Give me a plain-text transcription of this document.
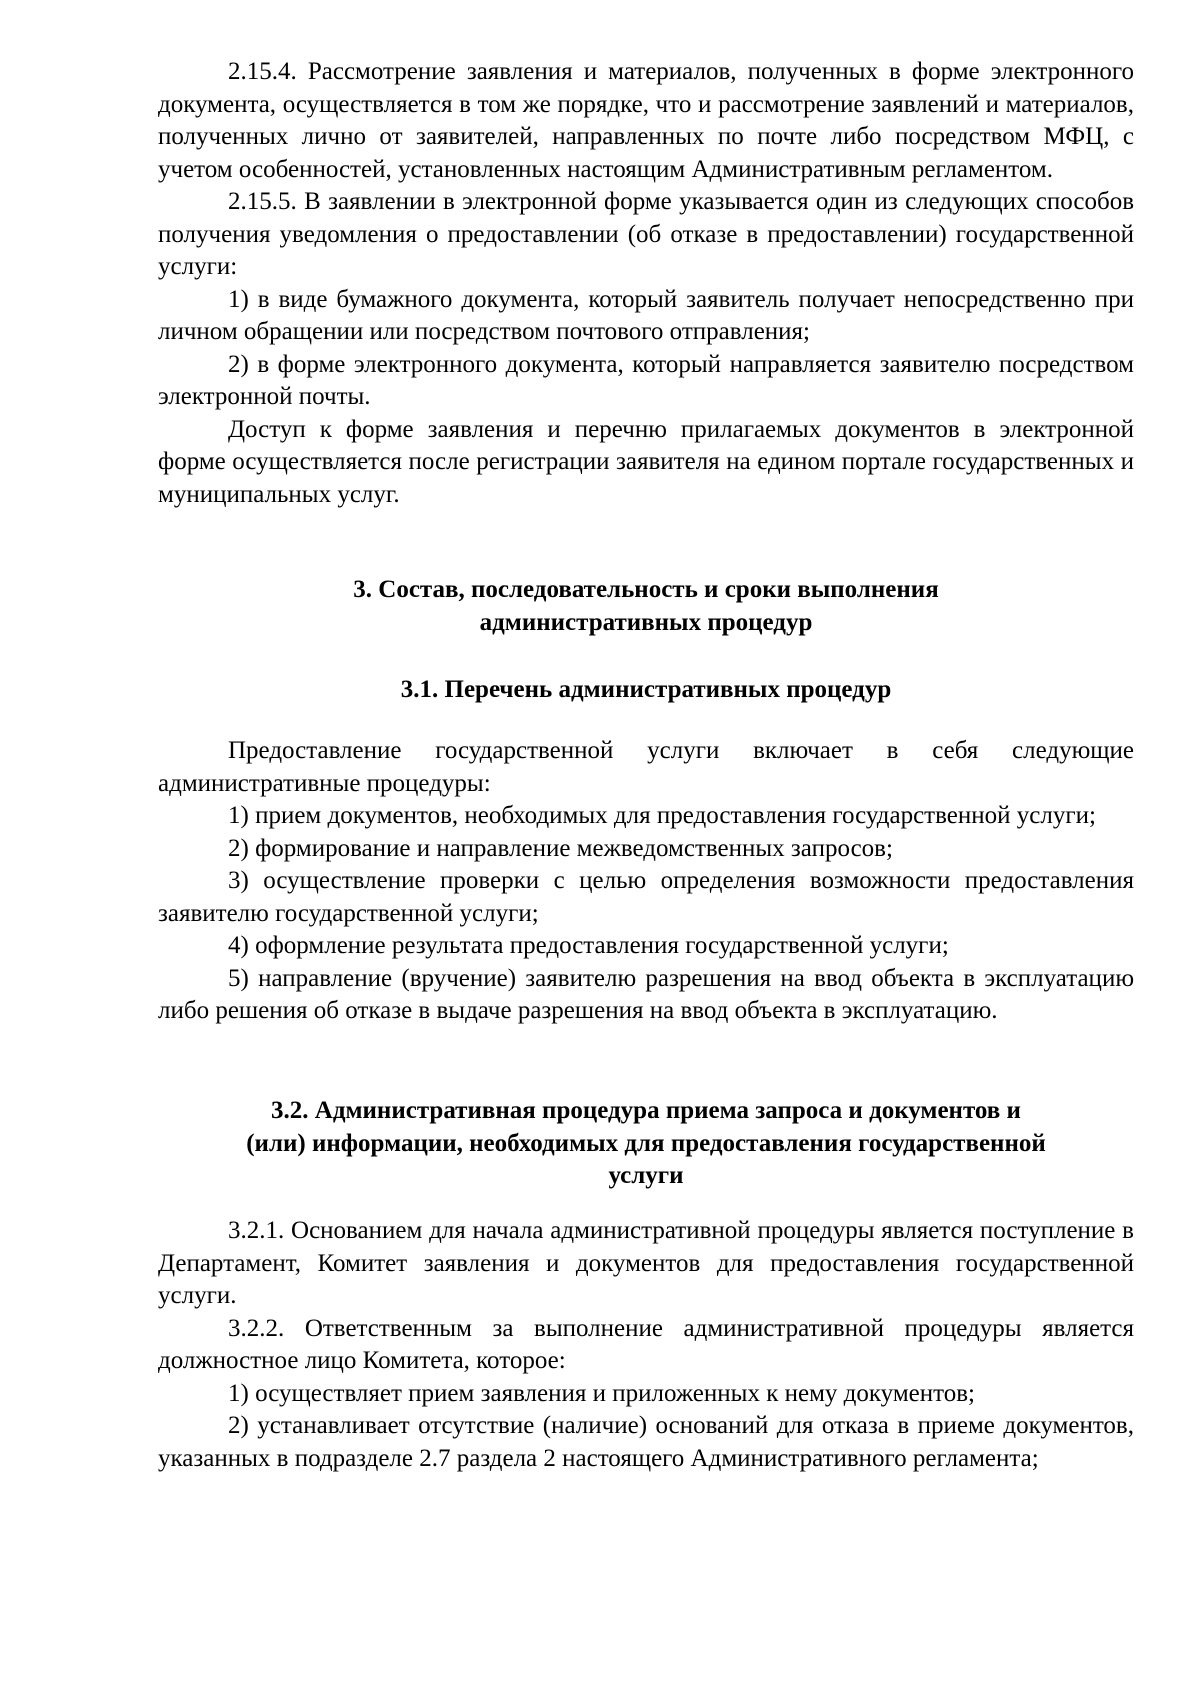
2.15.4. Рассмотрение заявления и материалов, полученных в форме электронного документа, осуществляется в том же порядке, что и рассмотрение заявлений и материалов, полученных лично от заявителей, направленных по почте либо посредством МФЦ, с учетом особенностей, установленных настоящим Административным регламентом.

2.15.5. В заявлении в электронной форме указывается один из следующих способов получения уведомления о предоставлении (об отказе в предоставлении) государственной услуги:

1) в виде бумажного документа, который заявитель получает непосредственно при личном обращении или посредством почтового отправления;

2) в форме электронного документа, который направляется заявителю посредством электронной почты.

Доступ к форме заявления и перечню прилагаемых документов в электронной форме осуществляется после регистрации заявителя на едином портале государственных и муниципальных услуг.

3. Состав, последовательность и сроки выполнения
административных процедур
3.1. Перечень административных процедур

Предоставление государственной услуги включает в себя следующие административные процедуры:

1) прием документов, необходимых для предоставления государственной услуги;

2) формирование и направление межведомственных запросов;

3) осуществление проверки с целью определения возможности предоставления заявителю государственной услуги;

4) оформление результата предоставления государственной услуги;

5) направление (вручение) заявителю разрешения на ввод объекта в эксплуатацию либо решения об отказе в выдаче разрешения на ввод объекта в эксплуатацию.

3.2. Административная процедура приема запроса и документов и
(или) информации, необходимых для предоставления государственной
услуги

3.2.1. Основанием для начала административной процедуры является поступление в Департамент, Комитет заявления и документов для предоставления государственной услуги.

3.2.2. Ответственным за выполнение административной процедуры является должностное лицо Комитета, которое:

1) осуществляет прием заявления и приложенных к нему документов;

2) устанавливает отсутствие (наличие) оснований для отказа в приеме документов, указанных в подразделе 2.7 раздела 2 настоящего Административного регламента;
